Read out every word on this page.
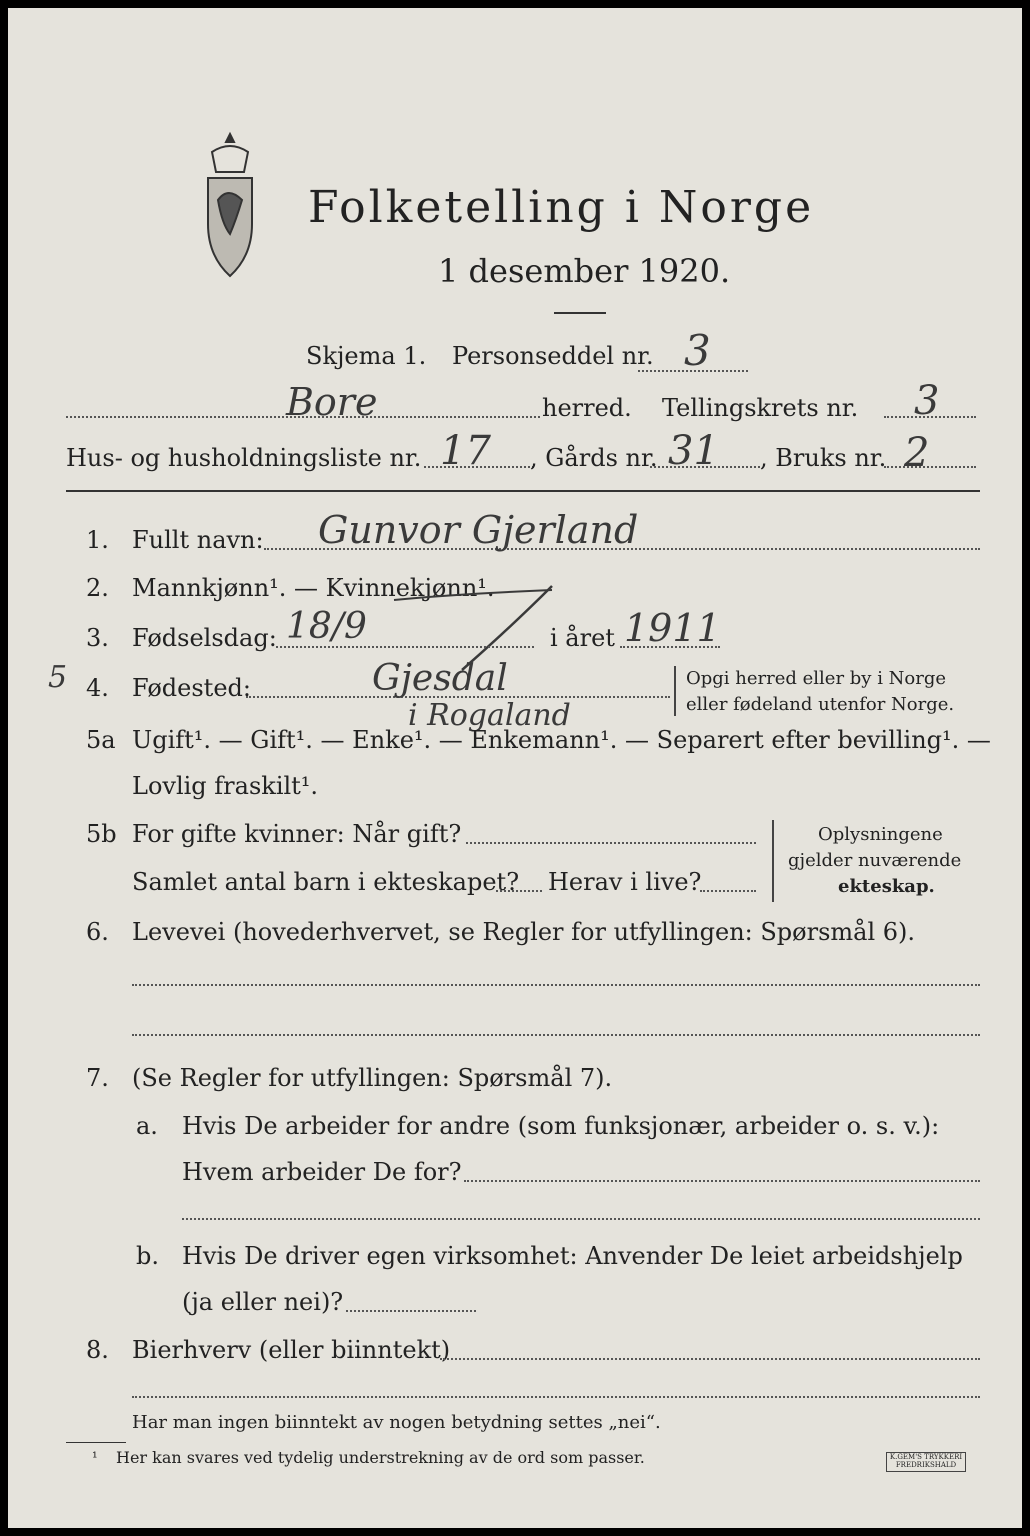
Folketelling i Norge
1 desember 1920.
Skjema 1. Personseddel nr. 3
Bore	herred. Tellingskrets nr. 3
Hus- og husholdningsliste nr. 17 , Gårds nr. 31 , Bruks nr. 2
1. Fullt navn: Gunvor Gjerland
2. Mannkjønn¹. — Kvinnekjønn¹.
3. Fødselsdag: 18/9	i året 1911
5 4. Fødested:	Gjesdal
i Rogaland
Opgi herred eller by i Norge
eller fødeland utenfor Norge.
5a Ugift¹. — Gift¹. — Enke¹. — Enkemann¹. — Separert efter bevilling¹. —
Lovlig fraskilt¹.
5b For gifte kvinner: Når gift?
Samlet antal barn i ekteskapet? Herav i live?
Oplysningene
gjelder nuværende
ekteskap.
6. Levevei (hovederhvervet, se Regler for utfyllingen: Spørsmål 6).
7. (Se Regler for utfyllingen: Spørsmål 7).
a. Hvis De arbeider for andre (som funksjonær, arbeider o. s. v.):
Hvem arbeider De for?
b. Hvis De driver egen virksomhet: Anvender De leiet arbeidshjelp
(ja eller nei)?
8. Bierhverv (eller biinntekt)
Har man ingen biinntekt av nogen betydning settes „nei“.
¹ Her kan svares ved tydelig understrekning av de ord som passer.	K.GEM'S TRYKKERI FREDRIKSHALD
